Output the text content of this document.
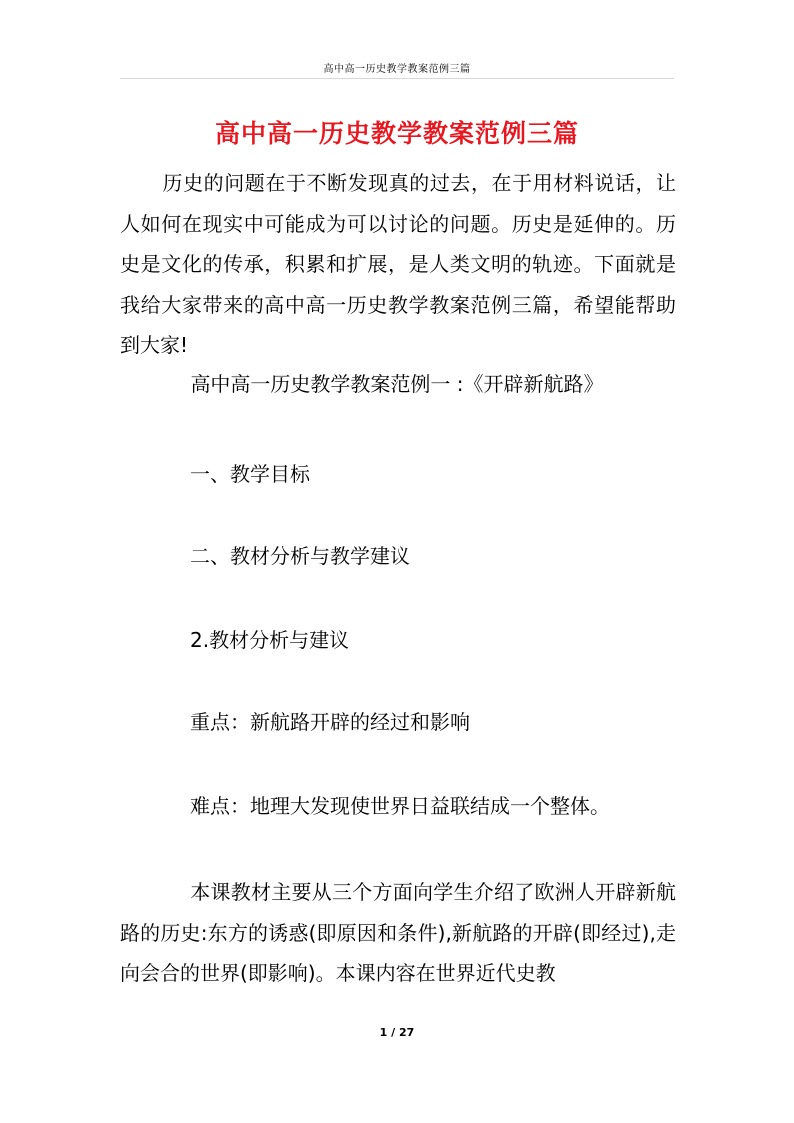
高中高一历史教学教案范例三篇
高中高一历史教学教案范例三篇
历史的问题在于不断发现真的过去，在于用材料说话，让人如何在现实中可能成为可以讨论的问题。历史是延伸的。历史是文化的传承，积累和扩展，是人类文明的轨迹。下面就是我给大家带来的高中高一历史教学教案范例三篇，希望能帮助到大家!
高中高一历史教学教案范例一 :《开辟新航路》
一、教学目标
二、教材分析与教学建议
2.教材分析与建议
重点：新航路开辟的经过和影响
难点：地理大发现使世界日益联结成一个整体。
本课教材主要从三个方面向学生介绍了欧洲人开辟新航路的历史:东方的诱惑(即原因和条件),新航路的开辟(即经过),走向会合的世界(即影响)。本课内容在世界近代史教
1 / 27
